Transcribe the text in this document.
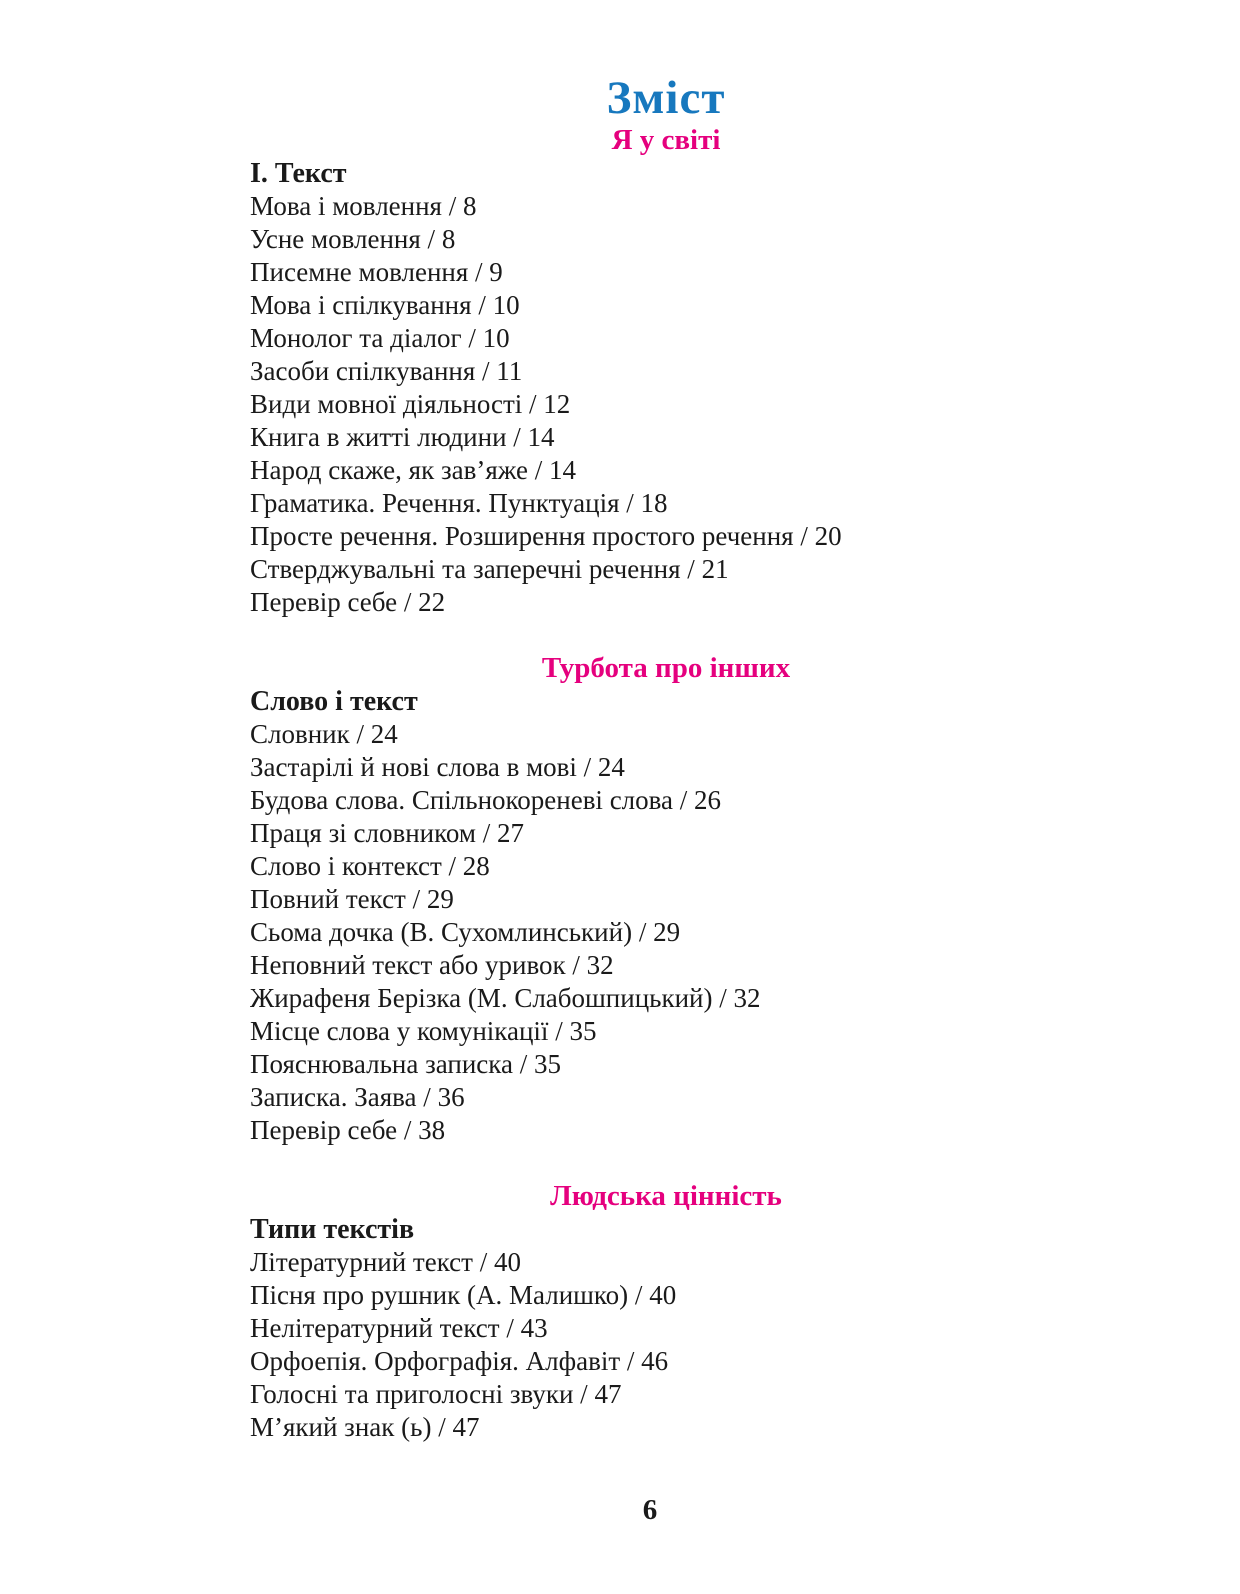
Зміст
Я у світі
І. Текст
Мова і мовлення / 8
Усне мовлення / 8
Писемне мовлення / 9
Мова і спілкування / 10
Монолог та діалог / 10
Засоби спілкування / 11
Види мовної діяльності / 12
Книга в житті людини / 14
Народ скаже, як зав’яже / 14
Граматика. Речення. Пунктуація / 18
Просте речення. Розширення простого речення / 20
Стверджувальні та заперечні речення / 21
Перевір себе / 22
Турбота про інших
Слово і текст
Словник / 24
Застарілі й нові слова в мові / 24
Будова слова. Спільнокореневі слова / 26
Праця зі словником / 27
Слово і контекст / 28
Повний текст / 29
Сьома дочка (В. Сухомлинський) / 29
Неповний текст або уривок / 32
Жирафеня Берізка (М. Слабошпицький) / 32
Місце слова у комунікації / 35
Пояснювальна записка / 35
Записка. Заява / 36
Перевір себе / 38
Людська цінність
Типи текстів
Літературний текст / 40
Пісня про рушник (А. Малишко) / 40
Нелітературний текст / 43
Орфоепія. Орфографія. Алфавіт / 46
Голосні та приголосні звуки / 47
М’який знак (ь) / 47
6
